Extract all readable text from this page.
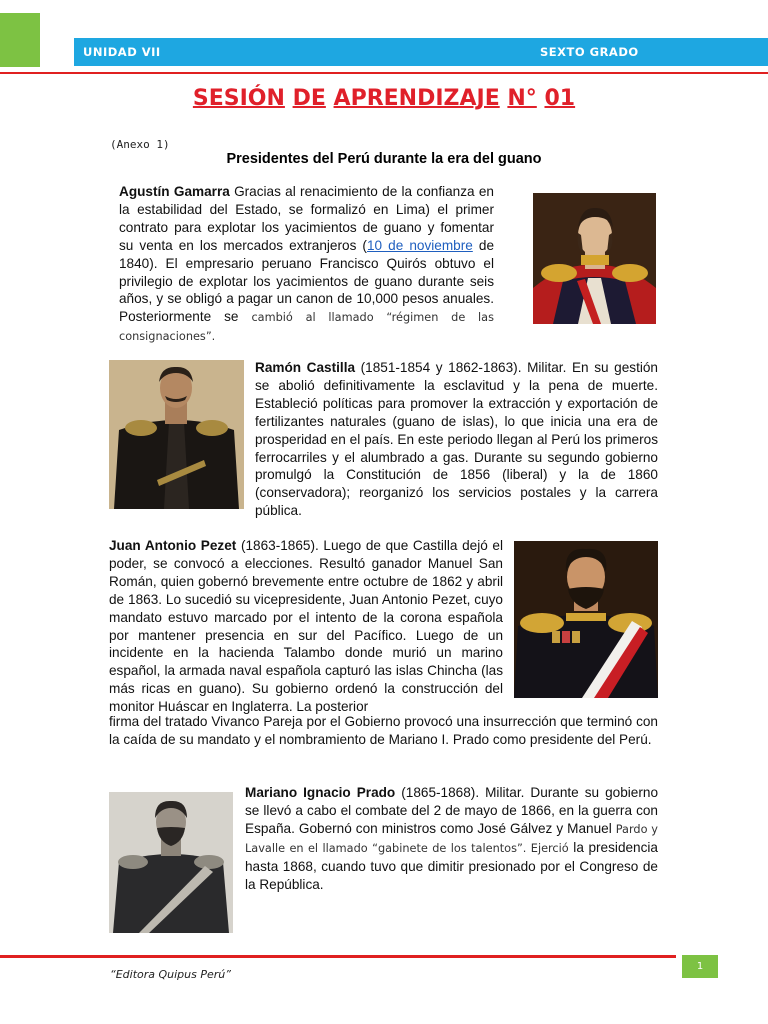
UNIDAD VII	SEXTO GRADO
SESIÓN DE APRENDIZAJE N° 01
(Anexo 1)
Presidentes del Perú durante la era del guano
Agustín Gamarra Gracias al renacimiento de la confianza en la estabilidad del Estado, se formalizó en Lima) el primer contrato para explotar los yacimientos de guano y fomentar su venta en los mercados extranjeros (10 de noviembre de 1840). El empresario peruano Francisco Quirós obtuvo el privilegio de explotar los yacimientos de guano durante seis años, y se obligó a pagar un canon de 10,000 pesos anuales. Posteriormente se cambió al llamado “régimen de las consignaciones”.
Ramón Castilla (1851-1854 y 1862-1863). Militar. En su gestión se abolió definitivamente la esclavitud y la pena de muerte. Estableció políticas para promover la extracción y exportación de fertilizantes naturales (guano de islas), lo que inicia una era de prosperidad en el país. En este periodo llegan al Perú los primeros ferrocarriles y el alumbrado a gas. Durante su segundo gobierno promulgó la Constitución de 1856 (liberal) y la de 1860 (conservadora); reorganizó los servicios postales y la carrera pública.
Juan Antonio Pezet (1863-1865). Luego de que Castilla dejó el poder, se convocó a elecciones. Resultó ganador Manuel San Román, quien gobernó brevemente entre octubre de 1862 y abril de 1863. Lo sucedió su vicepresidente, Juan Antonio Pezet, cuyo mandato estuvo marcado por el intento de la corona española por mantener presencia en sur del Pacífico. Luego de un incidente en la hacienda Talambo donde murió un marino español, la armada naval española capturó las islas Chincha (las más ricas en guano). Su gobierno ordenó la construcción del monitor Huáscar en Inglaterra. La posterior
firma del tratado Vivanco Pareja por el Gobierno provocó una insurrección que terminó con la caída de su mandato y el nombramiento de Mariano I. Prado como presidente del Perú.
Mariano Ignacio Prado (1865-1868). Militar. Durante su gobierno se llevó a cabo el combate del 2 de mayo de 1866, en la guerra con España. Gobernó con ministros como José Gálvez y Manuel Pardo y Lavalle en el llamado “gabinete de los talentos”. Ejerció la presidencia hasta 1868, cuando tuvo que dimitir presionado por el Congreso de la República.
“Editora Quipus Perú”
1
